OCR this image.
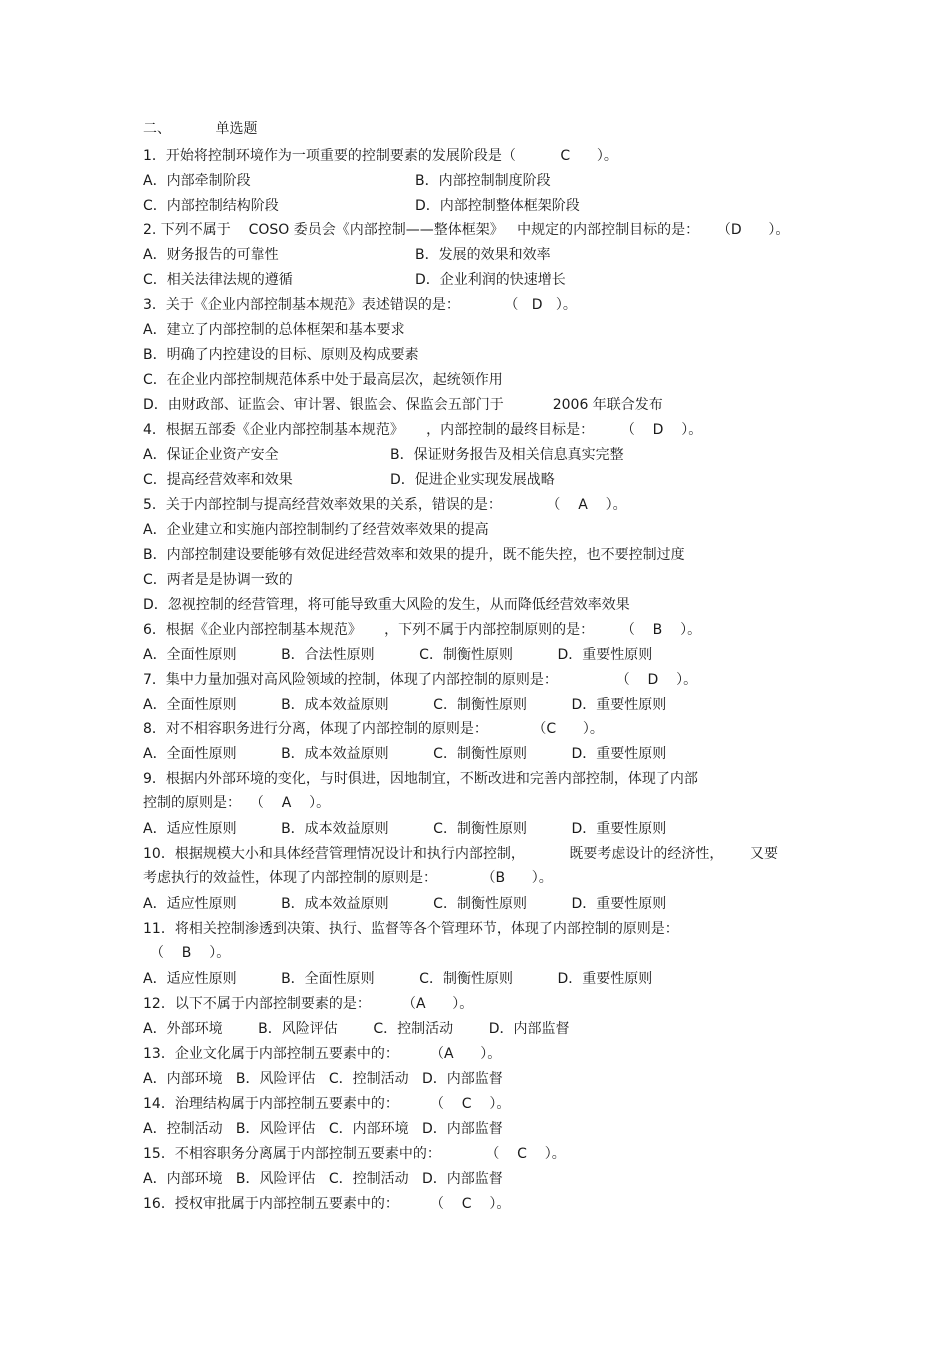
二、          单选题
1．开始将控制环境作为一项重要的控制要素的发展阶段是（          C      ）。
A．内部牵制阶段	B．内部控制制度阶段
C．内部控制结构阶段	D．内部控制整体框架阶段
2. 下列不属于    COSO 委员会《内部控制——整体框架》   中规定的内部控制目标的是：    （D      ）。
A．财务报告的可靠性	B．发展的效果和效率
C．相关法律法规的遵循	D．企业利润的快速增长
3．关于《企业内部控制基本规范》表述错误的是：          （   D   ）。
A．建立了内部控制的总体框架和基本要求
B．明确了内控建设的目标、原则及构成要素
C．在企业内部控制规范体系中处于最高层次，起统领作用
D．由财政部、证监会、审计署、银监会、保监会五部门于           2006 年联合发布
4．根据五部委《企业内部控制基本规范》     ，内部控制的最终目标是：      （    D    ）。
A．保证企业资产安全	B．保证财务报告及相关信息真实完整
C．提高经营效率和效果	D．促进企业实现发展战略
5．关于内部控制与提高经营效率效果的关系，错误的是：          （    A    ）。
A．企业建立和实施内部控制制约了经营效率效果的提高
B．内部控制建设要能够有效促进经营效率和效果的提升，既不能失控，也不要控制过度
C．两者是是协调一致的
D．忽视控制的经营管理，将可能导致重大风险的发生，从而降低经营效率效果
6．根据《企业内部控制基本规范》     ，下列不属于内部控制原则的是：      （    B    ）。
A．全面性原则          B．合法性原则          C．制衡性原则          D．重要性原则
7．集中力量加强对高风险领域的控制，体现了内部控制的原则是：             （    D    ）。
A．全面性原则          B．成本效益原则          C．制衡性原则          D．重要性原则
8．对不相容职务进行分离，体现了内部控制的原则是：          （C      ）。
A．全面性原则          B．成本效益原则          C．制衡性原则          D．重要性原则
9．根据内外部环境的变化，与时俱进，因地制宜，不断改进和完善内部控制，体现了内部
控制的原则是：  （    A    ）。
A．适应性原则          B．成本效益原则          C．制衡性原则          D．重要性原则
10．根据规模大小和具体经营管理情况设计和执行内部控制，          既要考虑设计的经济性，      又要
考虑执行的效益性，体现了内部控制的原则是：          （B      ）。
A．适应性原则          B．成本效益原则          C．制衡性原则          D．重要性原则
11．将相关控制渗透到决策、执行、监督等各个管理环节，体现了内部控制的原则是：
（    B    ）。
A．适应性原则          B．全面性原则          C．制衡性原则          D．重要性原则
12．以下不属于内部控制要素的是：       （A      ）。
A．外部环境        B．风险评估        C．控制活动        D．内部监督
13．企业文化属于内部控制五要素中的：       （A      ）。
A．内部环境   B．风险评估   C．控制活动   D．内部监督
14．治理结构属于内部控制五要素中的：       （    C    ）。
A．控制活动   B．风险评估   C．内部环境   D．内部监督
15．不相容职务分离属于内部控制五要素中的：          （    C    ）。
A．内部环境   B．风险评估   C．控制活动   D．内部监督
16．授权审批属于内部控制五要素中的：       （    C    ）。
